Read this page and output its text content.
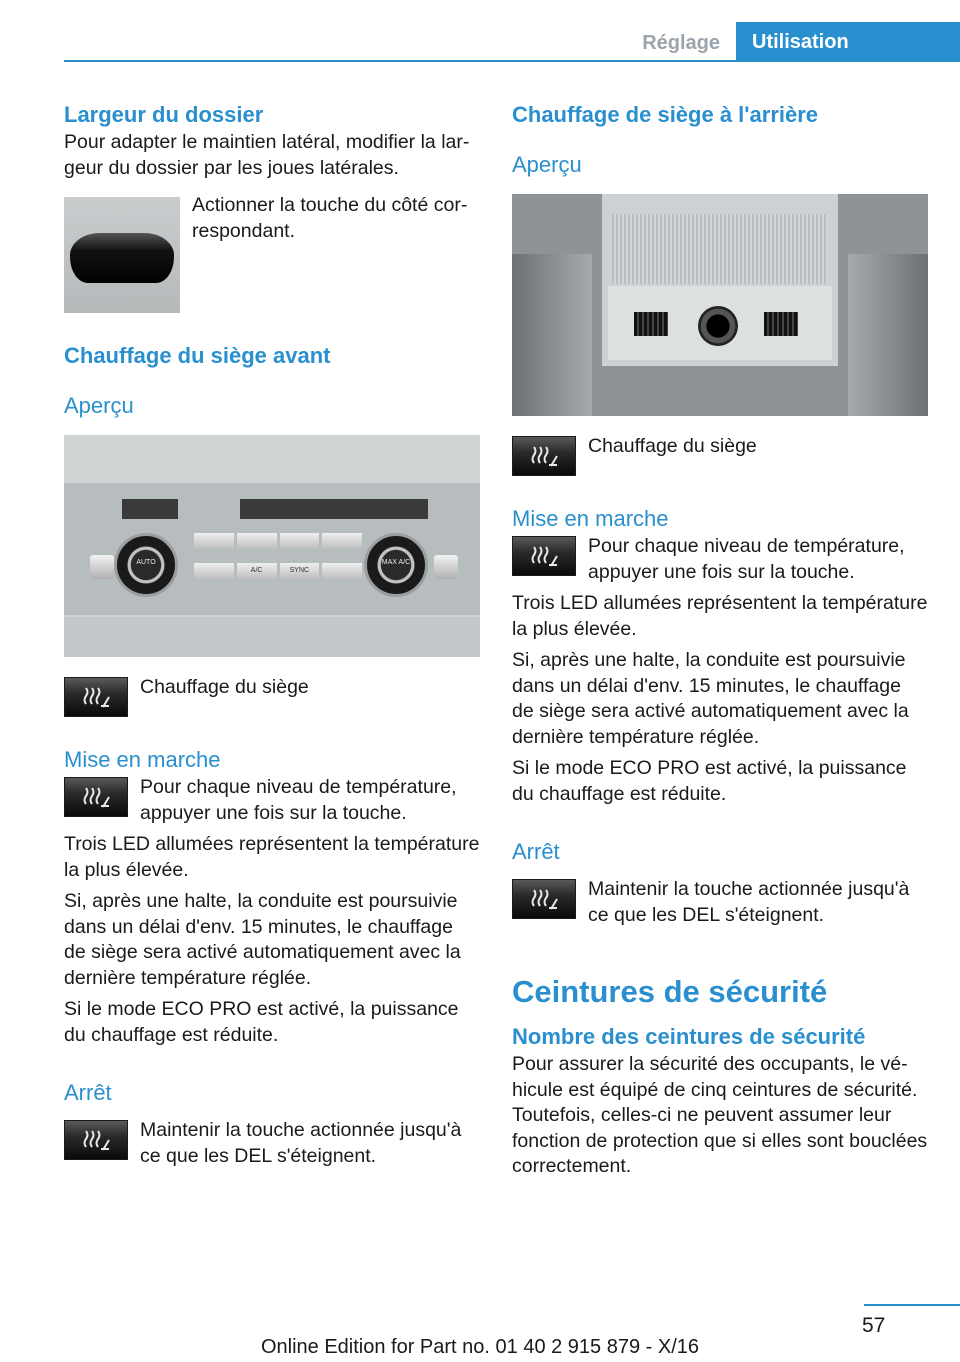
Réglage	Utilisation
Largeur du dossier
Pour adapter le maintien latéral, modifier la largeur du dossier par les joues latérales.
Actionner la touche du côté correspondant.
Chauffage du siège avant
Aperçu
AUTO
A/C	SYNC
MAX A/C
Chauffage du siège
Mise en marche
Pour chaque niveau de température, appuyer une fois sur la touche.
Trois LED allumées représentent la température la plus élevée.
Si, après une halte, la conduite est poursuivie dans un délai d'env. 15 minutes, le chauffage de siège sera activé automatiquement avec la dernière température réglée.
Si le mode ECO PRO est activé, la puissance du chauffage est réduite.
Arrêt
Maintenir la touche actionnée jusqu'à ce que les DEL s'éteignent.
Chauffage de siège à l'arrière
Aperçu
Chauffage du siège
Mise en marche
Pour chaque niveau de température, appuyer une fois sur la touche.
Trois LED allumées représentent la température la plus élevée.
Si, après une halte, la conduite est poursuivie dans un délai d'env. 15 minutes, le chauffage de siège sera activé automatiquement avec la dernière température réglée.
Si le mode ECO PRO est activé, la puissance du chauffage est réduite.
Arrêt
Maintenir la touche actionnée jusqu'à ce que les DEL s'éteignent.
Ceintures de sécurité
Nombre des ceintures de sécurité
Pour assurer la sécurité des occupants, le véhicule est équipé de cinq ceintures de sécurité. Toutefois, celles-ci ne peuvent assumer leur fonction de protection que si elles sont bouclées correctement.
57
Online Edition for Part no. 01 40 2 915 879 - X/16
